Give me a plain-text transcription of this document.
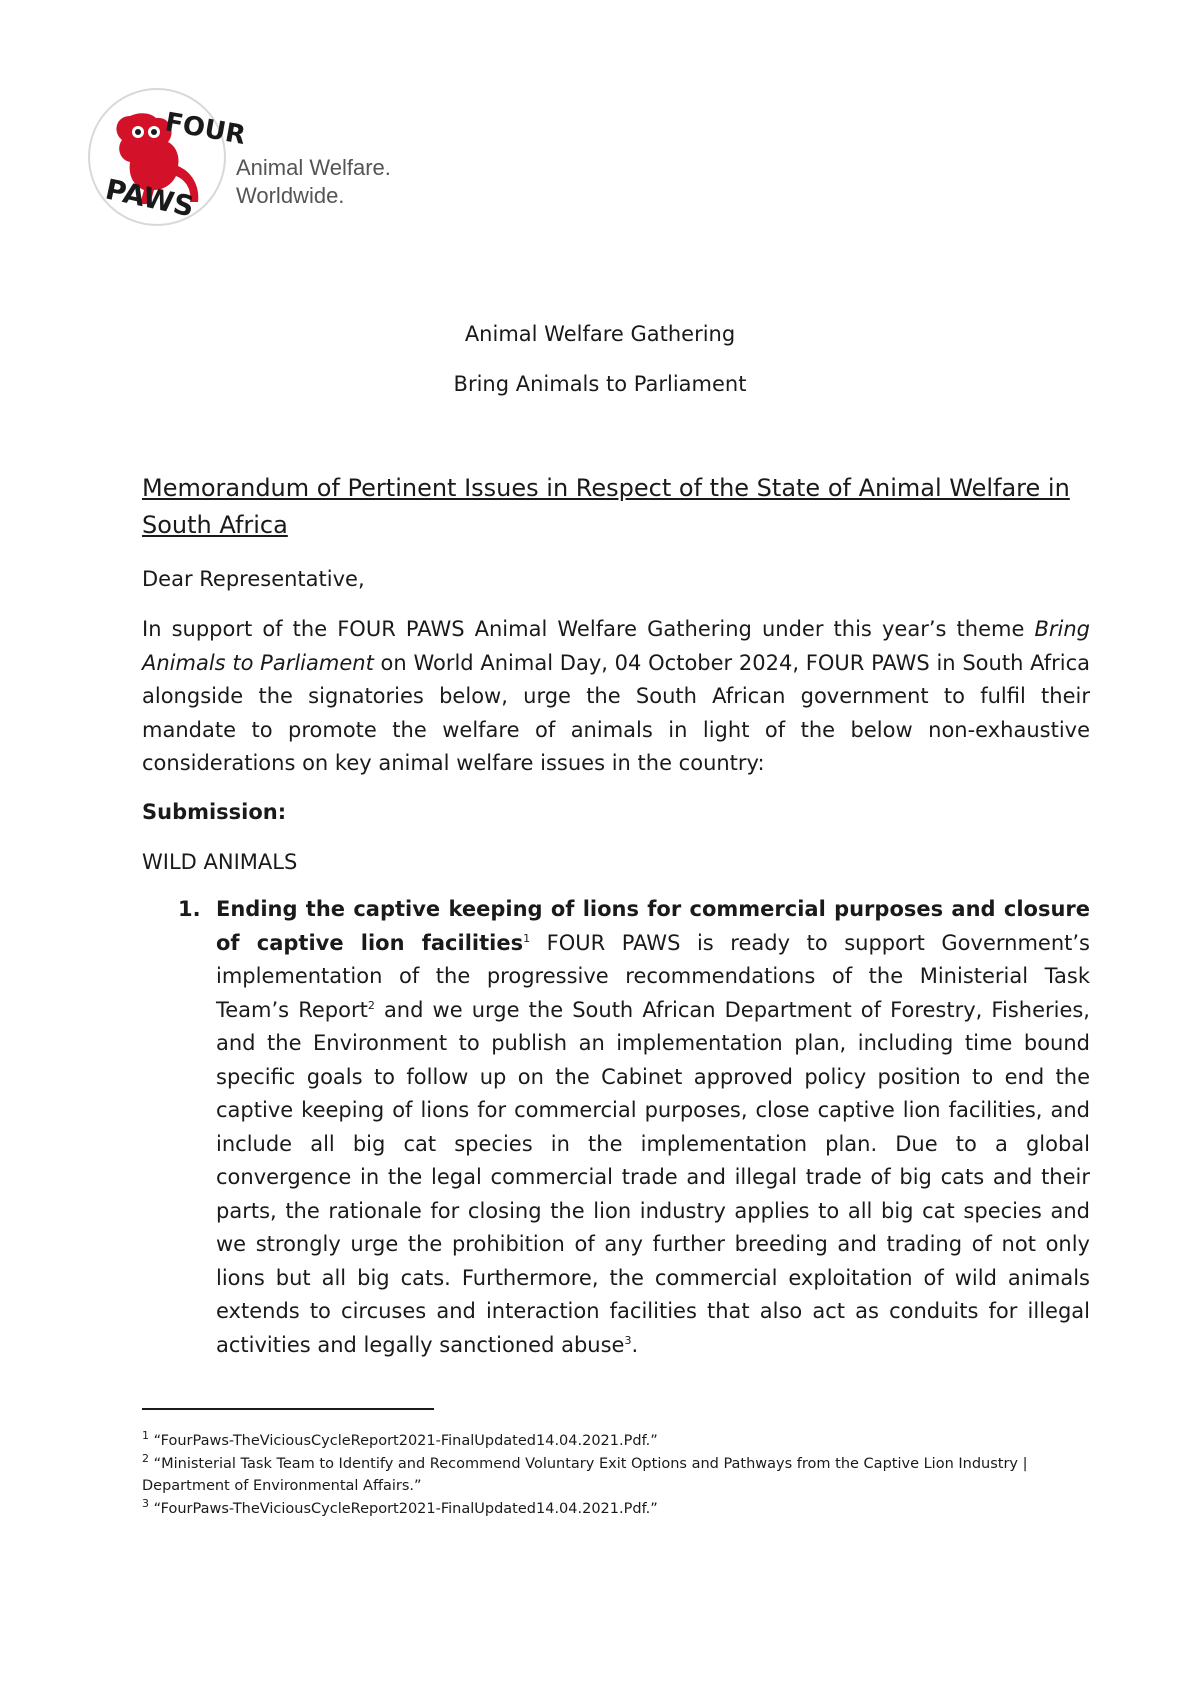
FOUR
PAWS
Animal Welfare.
Worldwide.
Animal Welfare Gathering
Bring Animals to Parliament
Memorandum of Pertinent Issues in Respect of the State of Animal Welfare in South Africa
Dear Representative,
In support of the FOUR PAWS Animal Welfare Gathering under this year’s theme Bring Animals to Parliament on World Animal Day, 04 October 2024, FOUR PAWS in South Africa alongside the signatories below, urge the South African government to fulfil their mandate to promote the welfare of animals in light of the below non-exhaustive considerations on key animal welfare issues in the country:
Submission:
WILD ANIMALS
1. Ending the captive keeping of lions for commercial purposes and closure of captive lion facilities$^1$ FOUR PAWS is ready to support Government’s implementation of the progressive recommendations of the Ministerial Task Team’s Report$^2$ and we urge the South African Department of Forestry, Fisheries, and the Environment to publish an implementation plan, including time bound specific goals to follow up on the Cabinet approved policy position to end the captive keeping of lions for commercial purposes, close captive lion facilities, and include all big cat species in the implementation plan. Due to a global convergence in the legal commercial trade and illegal trade of big cats and their parts, the rationale for closing the lion industry applies to all big cat species and we strongly urge the prohibition of any further breeding and trading of not only lions but all big cats. Furthermore, the commercial exploitation of wild animals extends to circuses and interaction facilities that also act as conduits for illegal activities and legally sanctioned abuse$^3$.
$^1$ “FourPaws-TheViciousCycleReport2021-FinalUpdated14.04.2021.Pdf.”
$^2$ “Ministerial Task Team to Identify and Recommend Voluntary Exit Options and Pathways from the Captive Lion Industry | Department of Environmental Affairs.”
$^3$ “FourPaws-TheViciousCycleReport2021-FinalUpdated14.04.2021.Pdf.”
